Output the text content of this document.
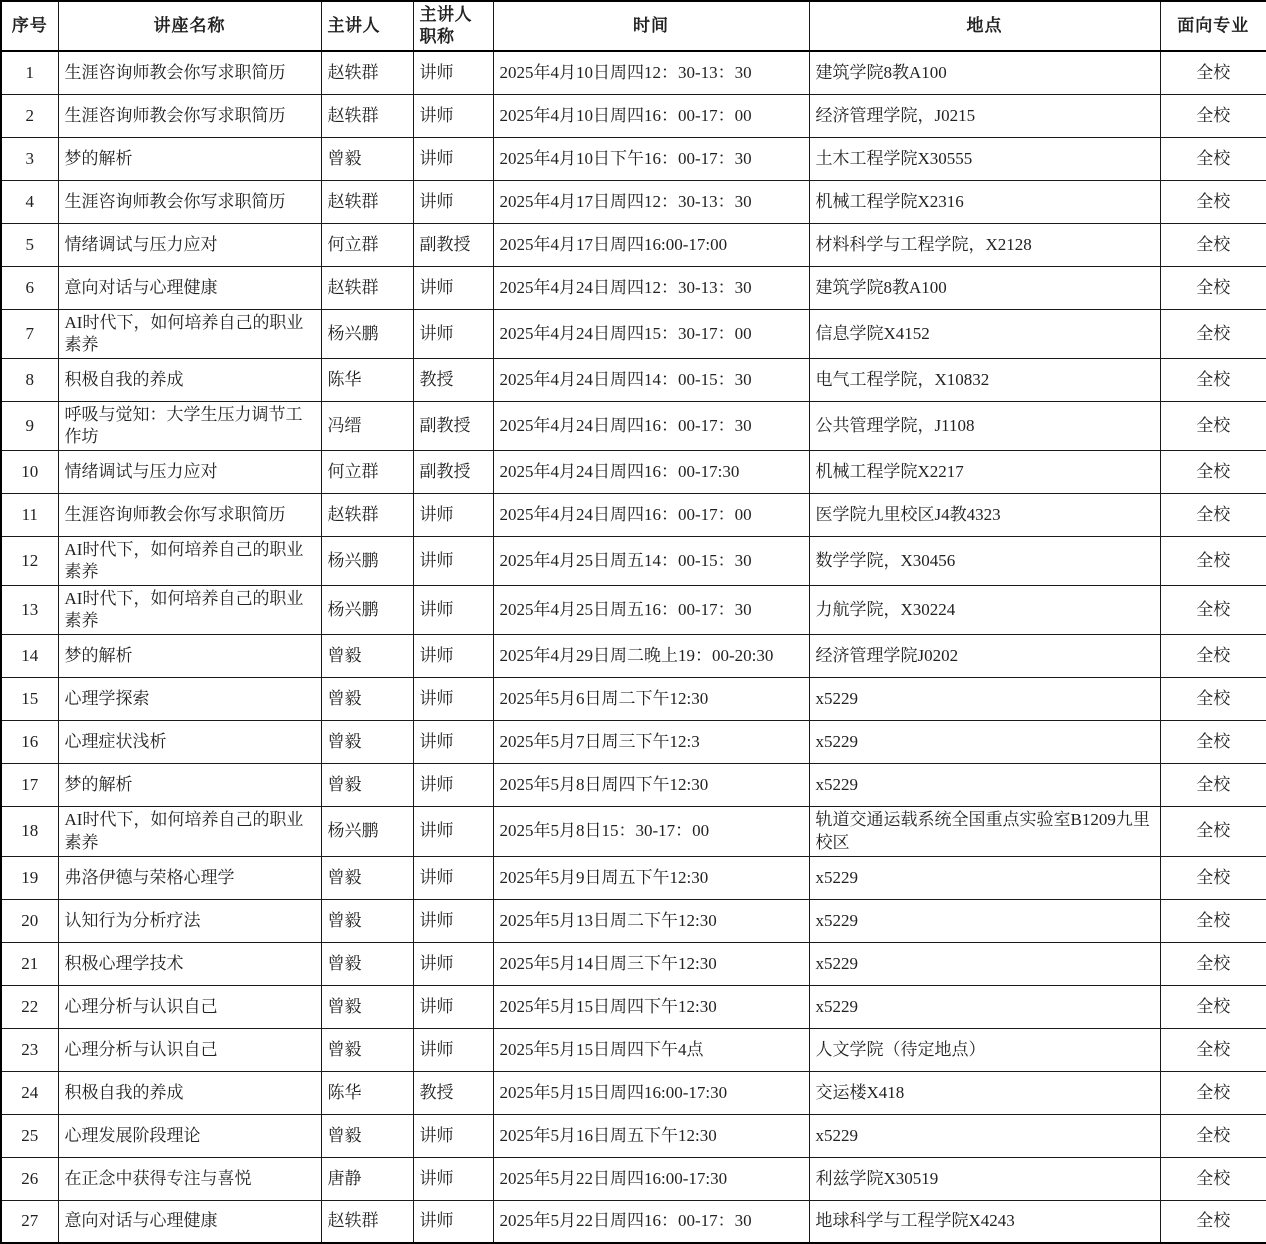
序号	讲座名称	主讲人	主讲人职称	时间	地点	面向专业
1	生涯咨询师教会你写求职简历	赵轶群	讲师	2025年4月10日周四12：30-13：30	建筑学院8教A100	全校
2	生涯咨询师教会你写求职简历	赵轶群	讲师	2025年4月10日周四16：00-17：00	经济管理学院，J0215	全校
3	梦的解析	曾毅	讲师	2025年4月10日下午16：00-17：30	土木工程学院X30555	全校
4	生涯咨询师教会你写求职简历	赵轶群	讲师	2025年4月17日周四12：30-13：30	机械工程学院X2316	全校
5	情绪调试与压力应对	何立群	副教授	2025年4月17日周四16:00-17:00	材料科学与工程学院，X2128	全校
6	意向对话与心理健康	赵轶群	讲师	2025年4月24日周四12：30-13：30	建筑学院8教A100	全校
7	AI时代下，如何培养自己的职业素养	杨兴鹏	讲师	2025年4月24日周四15：30-17：00	信息学院X4152	全校
8	积极自我的养成	陈华	教授	2025年4月24日周四14：00-15：30	电气工程学院，X10832	全校
9	呼吸与觉知：大学生压力调节工作坊	冯缙	副教授	2025年4月24日周四16：00-17：30	公共管理学院，J1108	全校
10	情绪调试与压力应对	何立群	副教授	2025年4月24日周四16：00-17:30	机械工程学院X2217	全校
11	生涯咨询师教会你写求职简历	赵轶群	讲师	2025年4月24日周四16：00-17：00	医学院九里校区J4教4323	全校
12	AI时代下，如何培养自己的职业素养	杨兴鹏	讲师	2025年4月25日周五14：00-15：30	数学学院，X30456	全校
13	AI时代下，如何培养自己的职业素养	杨兴鹏	讲师	2025年4月25日周五16：00-17：30	力航学院，X30224	全校
14	梦的解析	曾毅	讲师	2025年4月29日周二晚上19：00-20:30	经济管理学院J0202	全校
15	心理学探索	曾毅	讲师	2025年5月6日周二下午12:30	x5229	全校
16	心理症状浅析	曾毅	讲师	2025年5月7日周三下午12:3	x5229	全校
17	梦的解析	曾毅	讲师	2025年5月8日周四下午12:30	x5229	全校
18	AI时代下，如何培养自己的职业素养	杨兴鹏	讲师	2025年5月8日15：30-17：00	轨道交通运载系统全国重点实验室B1209九里校区	全校
19	弗洛伊德与荣格心理学	曾毅	讲师	2025年5月9日周五下午12:30	x5229	全校
20	认知行为分析疗法	曾毅	讲师	2025年5月13日周二下午12:30	x5229	全校
21	积极心理学技术	曾毅	讲师	2025年5月14日周三下午12:30	x5229	全校
22	心理分析与认识自己	曾毅	讲师	2025年5月15日周四下午12:30	x5229	全校
23	心理分析与认识自己	曾毅	讲师	2025年5月15日周四下午4点	人文学院（待定地点）	全校
24	积极自我的养成	陈华	教授	2025年5月15日周四16:00-17:30	交运楼X418	全校
25	心理发展阶段理论	曾毅	讲师	2025年5月16日周五下午12:30	x5229	全校
26	在正念中获得专注与喜悦	唐静	讲师	2025年5月22日周四16:00-17:30	利兹学院X30519	全校
27	意向对话与心理健康	赵轶群	讲师	2025年5月22日周四16：00-17：30	地球科学与工程学院X4243	全校
